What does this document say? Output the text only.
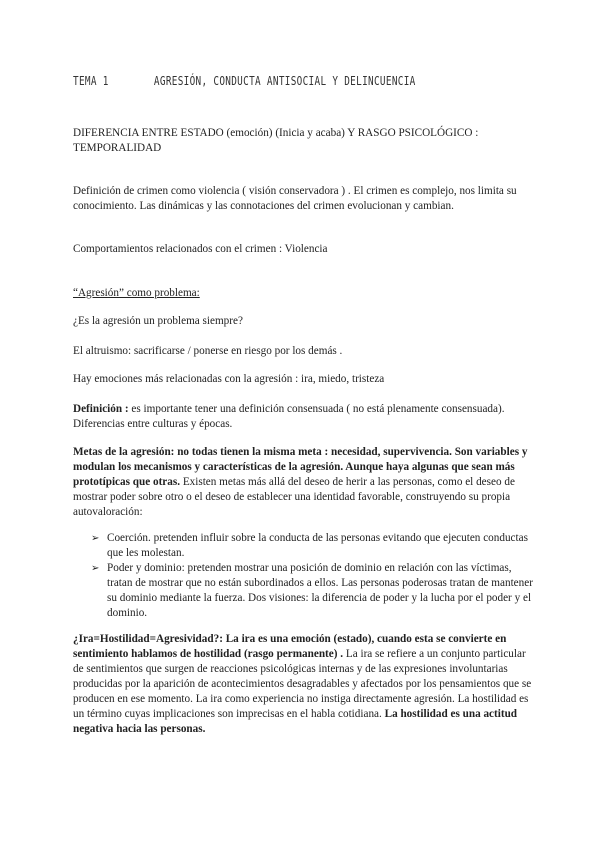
TEMA 1	AGRESIÓN, CONDUCTA ANTISOCIAL Y DELINCUENCIA
DIFERENCIA ENTRE ESTADO (emoción) (Inicia y acaba) Y RASGO PSICOLÓGICO : TEMPORALIDAD
Definición de crimen como violencia ( visión conservadora ) . El crimen es complejo, nos limita su conocimiento. Las dinámicas y las connotaciones del crimen evolucionan y cambian.
Comportamientos relacionados con el crimen : Violencia
“Agresión” como problema:
¿Es la agresión un problema siempre?
El altruismo: sacrificarse / ponerse en riesgo por los demás .
Hay emociones más relacionadas con la agresión : ira, miedo, tristeza
Definición : es importante tener una definición consensuada ( no está plenamente consensuada). Diferencias entre culturas y épocas.
Metas de la agresión: no todas tienen la misma meta : necesidad, supervivencia. Son variables y modulan los mecanismos y características de la agresión. Aunque haya algunas que sean más prototípicas que otras. Existen metas más allá del deseo de herir a las personas, como el deseo de mostrar poder sobre otro o el deseo de establecer una identidad favorable, construyendo su propia autovaloración:
➢ Coerción. pretenden influir sobre la conducta de las personas evitando que ejecuten conductas que les molestan.
➢ Poder y dominio: pretenden mostrar una posición de dominio en relación con las víctimas, tratan de mostrar que no están subordinados a ellos. Las personas poderosas tratan de mantener su dominio mediante la fuerza. Dos visiones: la diferencia de poder y la lucha por el poder y el dominio.
¿Ira=Hostilidad=Agresividad?: La ira es una emoción (estado), cuando esta se convierte en sentimiento hablamos de hostilidad (rasgo permanente) . La ira se refiere a un conjunto particular de sentimientos que surgen de reacciones psicológicas internas y de las expresiones involuntarias producidas por la aparición de acontecimientos desagradables y afectados por los pensamientos que se producen en ese momento. La ira como experiencia no instiga directamente agresión. La hostilidad es un término cuyas implicaciones son imprecisas en el habla cotidiana. La hostilidad es una actitud negativa hacia las personas.
